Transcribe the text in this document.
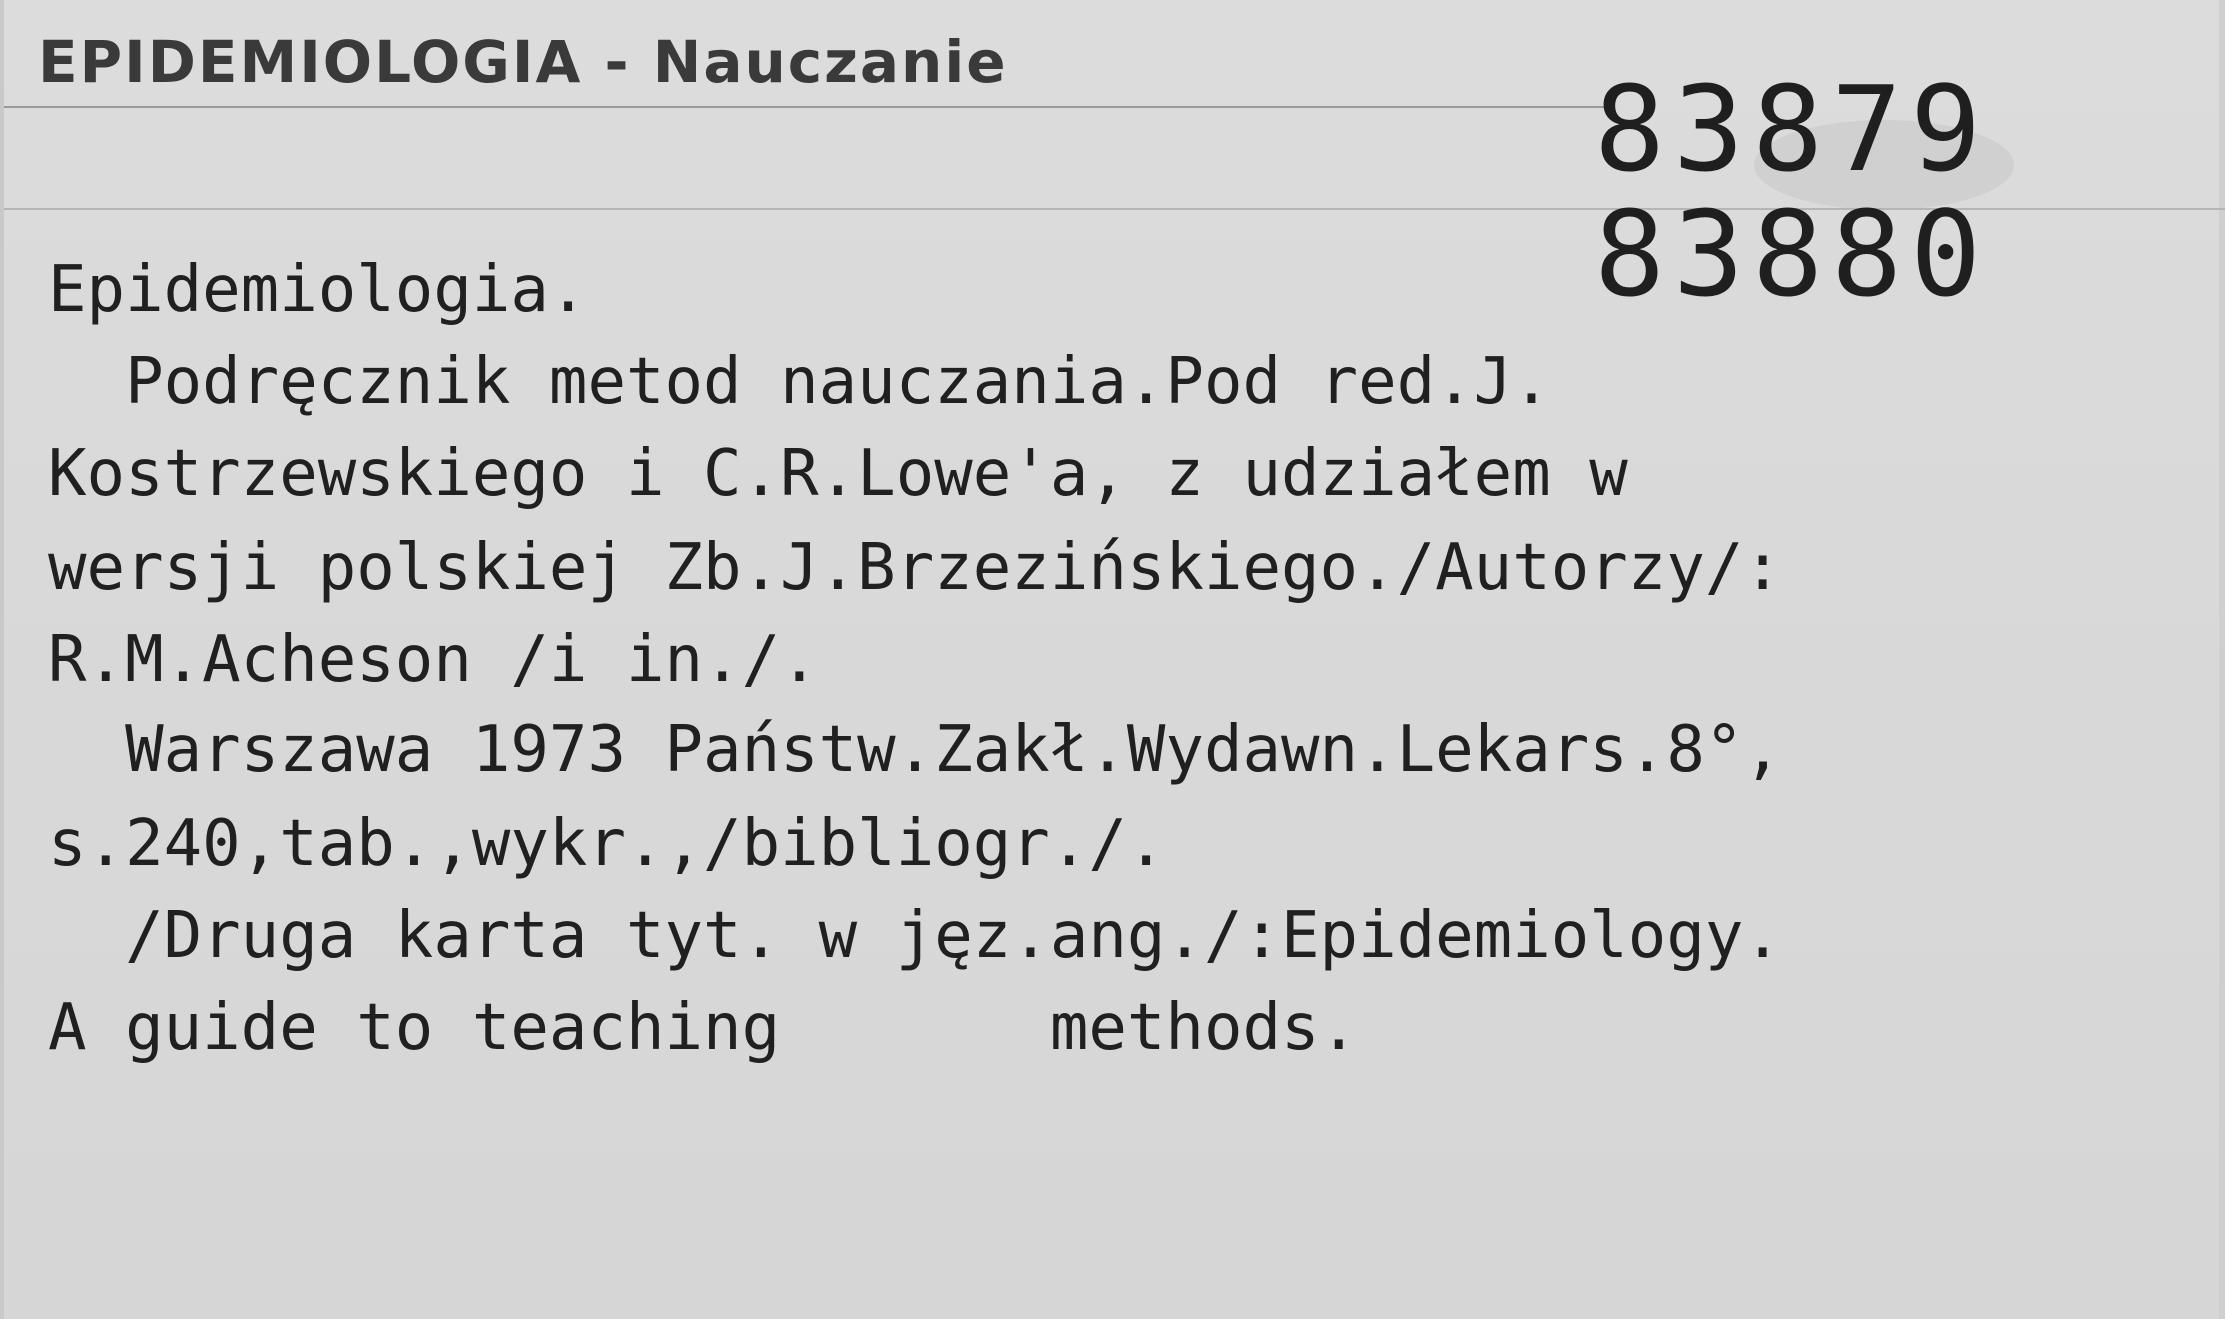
EPIDEMIOLOGIA - Nauczanie	83879
83880
Epidemiologia.
Podręcznik metod nauczania.Pod red.J.
Kostrzewskiego i C.R.Lowe'a, z udziałem w
wersji polskiej Zb.J.Brzezińskiego./Autorzy/:
R.M.Acheson /i in./.
Warszawa 1973 Państw.Zakł.Wydawn.Lekars.8°,
s.240,tab.,wykr.,/bibliogr./.
/Druga karta tyt. w jęz.ang./:Epidemiology.
A guide to teaching       methods.
